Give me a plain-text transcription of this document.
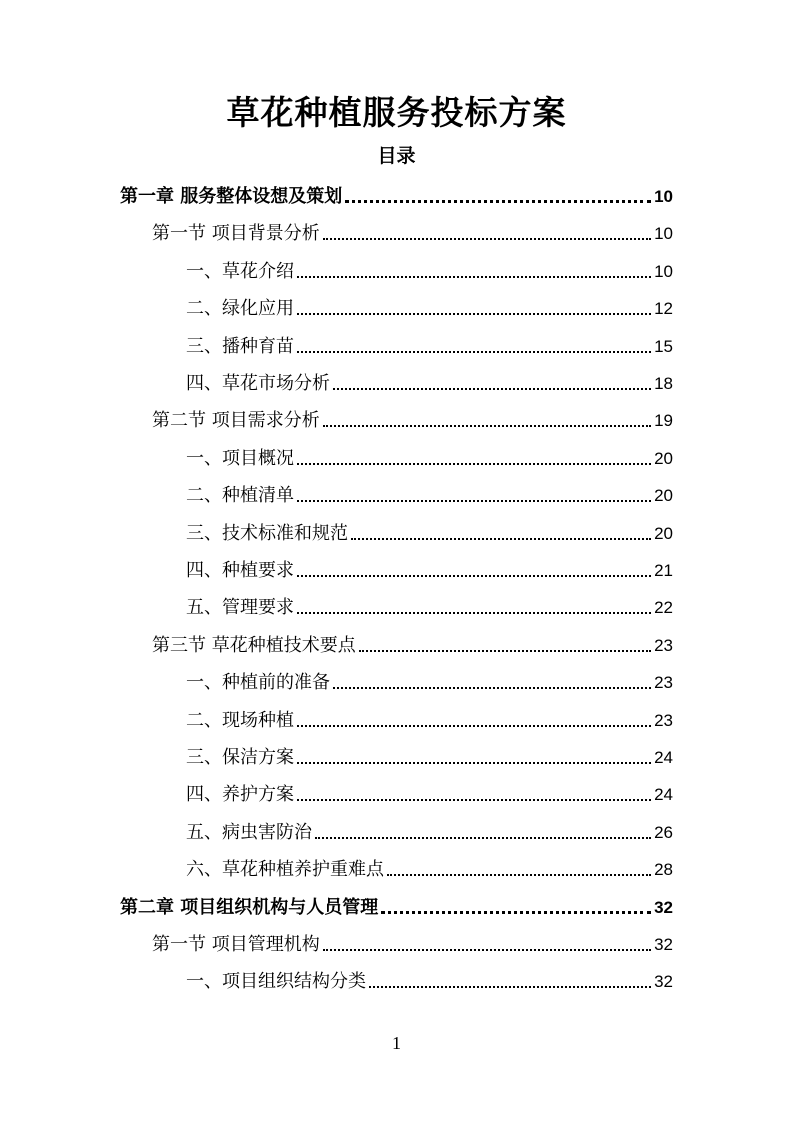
草花种植服务投标方案
目录
第一章 服务整体设想及策划	10
第一节 项目背景分析	10
一、草花介绍	10
二、绿化应用	12
三、播种育苗	15
四、草花市场分析	18
第二节 项目需求分析	19
一、项目概况	20
二、种植清单	20
三、技术标准和规范	20
四、种植要求	21
五、管理要求	22
第三节 草花种植技术要点	23
一、种植前的准备	23
二、现场种植	23
三、保洁方案	24
四、养护方案	24
五、病虫害防治	26
六、草花种植养护重难点	28
第二章 项目组织机构与人员管理	32
第一节 项目管理机构	32
一、项目组织结构分类	32
1
